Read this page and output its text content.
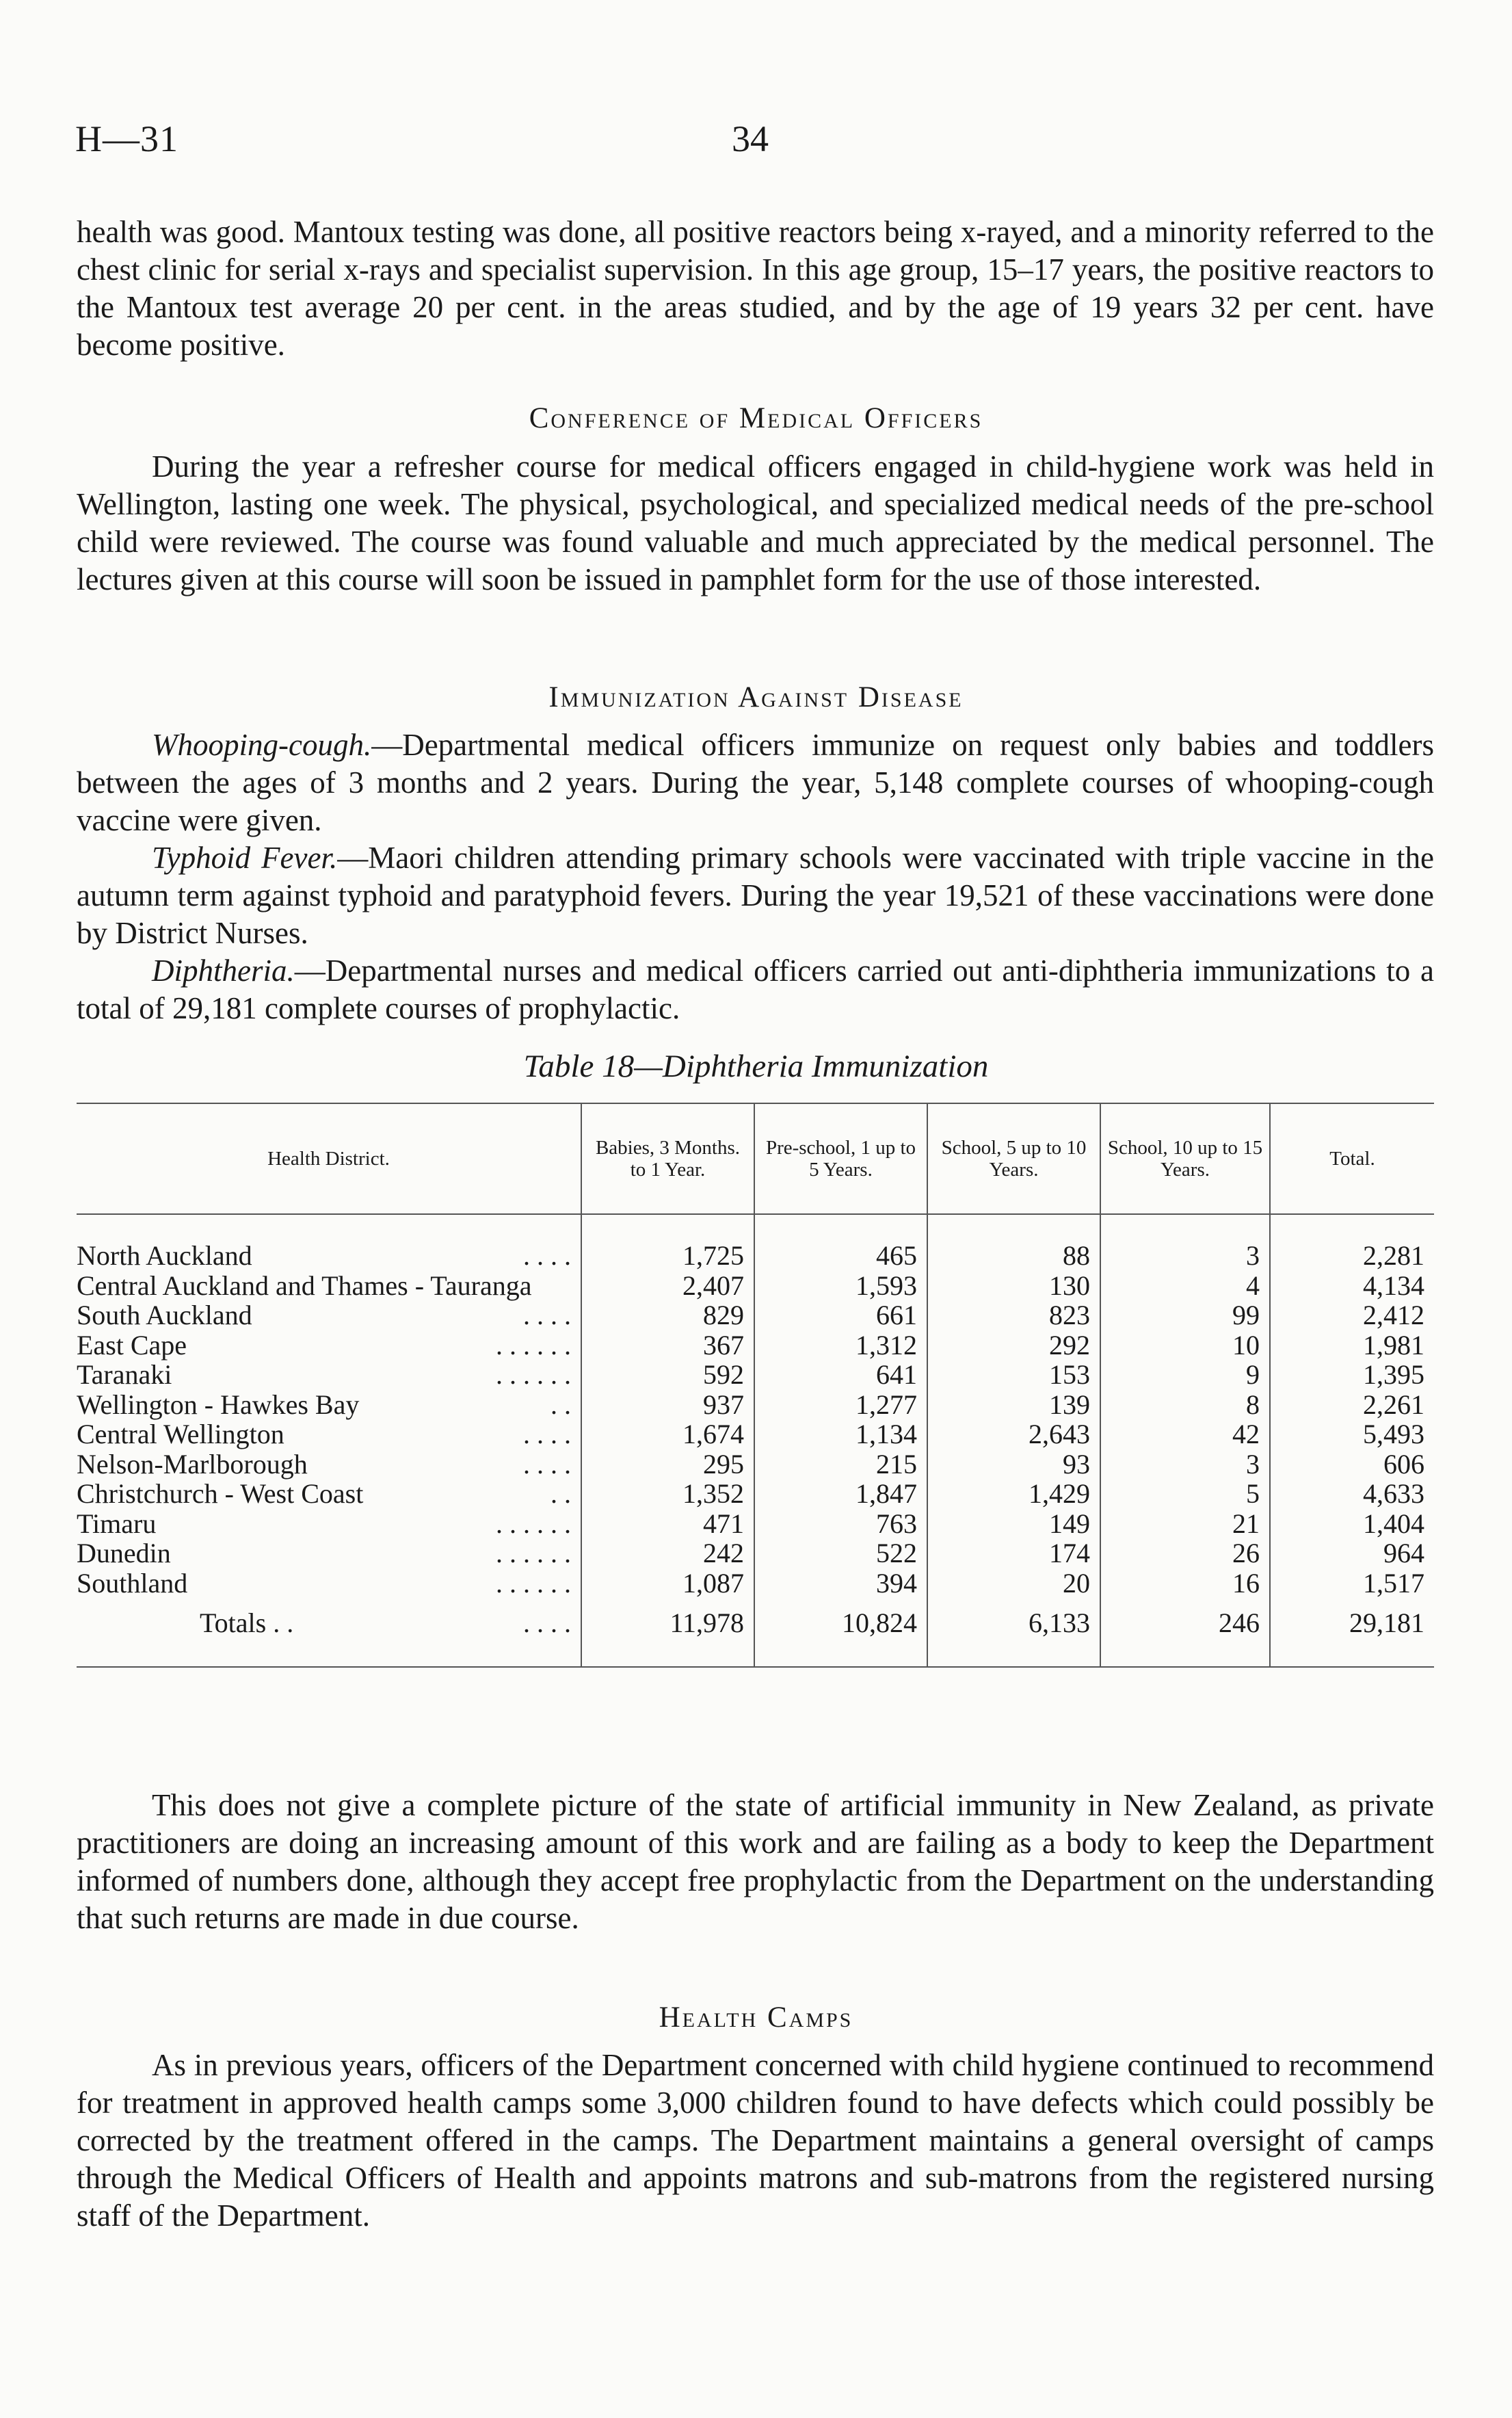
H—31	34

health was good. Mantoux testing was done, all positive reactors being x-rayed, and a minority referred to the chest clinic for serial x-rays and specialist supervision. In this age group, 15–17 years, the positive reactors to the Mantoux test average 20 per cent. in the areas studied, and by the age of 19 years 32 per cent. have become positive.

Conference of Medical Officers

During the year a refresher course for medical officers engaged in child-hygiene work was held in Wellington, lasting one week. The physical, psychological, and specialized medical needs of the pre-school child were reviewed. The course was found valuable and much appreciated by the medical personnel. The lectures given at this course will soon be issued in pamphlet form for the use of those interested.

Immunization Against Disease

Whooping-cough.—Departmental medical officers immunize on request only babies and toddlers between the ages of 3 months and 2 years. During the year, 5,148 complete courses of whooping-cough vaccine were given.

Typhoid Fever.—Maori children attending primary schools were vaccinated with triple vaccine in the autumn term against typhoid and paratyphoid fevers. During the year 19,521 of these vaccinations were done by District Nurses.

Diphtheria.—Departmental nurses and medical officers carried out anti-diphtheria immunizations to a total of 29,181 complete courses of prophylactic.

Table 18—Diphtheria Immunization
Health District.	Babies, 3 Months. to 1 Year.	Pre-school, 1 up to 5 Years.	School, 5 up to 10 Years.	School, 10 up to 15 Years.	Total.

North Auckland . . . .	1,725	465	88	3	2,281

Central Auckland and Thames - Tauranga	2,407	1,593	130	4	4,134

South Auckland . . . .	829	661	823	99	2,412

East Cape . . . . . .	367	1,312	292	10	1,981

Taranaki . . . . . .	592	641	153	9	1,395

Wellington - Hawkes Bay . .	937	1,277	139	8	2,261

Central Wellington . . . .	1,674	1,134	2,643	42	5,493

Nelson-Marlborough . . . .	295	215	93	3	606

Christchurch - West Coast . .	1,352	1,847	1,429	5	4,633

Timaru . . . . . .	471	763	149	21	1,404

Dunedin . . . . . .	242	522	174	26	964

Southland . . . . . .	1,087	394	20	16	1,517

Totals . . . . . .	11,978	10,824	6,133	246	29,181

This does not give a complete picture of the state of artificial immunity in New Zealand, as private practitioners are doing an increasing amount of this work and are failing as a body to keep the Department informed of numbers done, although they accept free prophylactic from the Department on the understanding that such returns are made in due course.

Health Camps

As in previous years, officers of the Department concerned with child hygiene continued to recommend for treatment in approved health camps some 3,000 children found to have defects which could possibly be corrected by the treatment offered in the camps. The Department maintains a general oversight of camps through the Medical Officers of Health and appoints matrons and sub-matrons from the registered nursing staff of the Department.
